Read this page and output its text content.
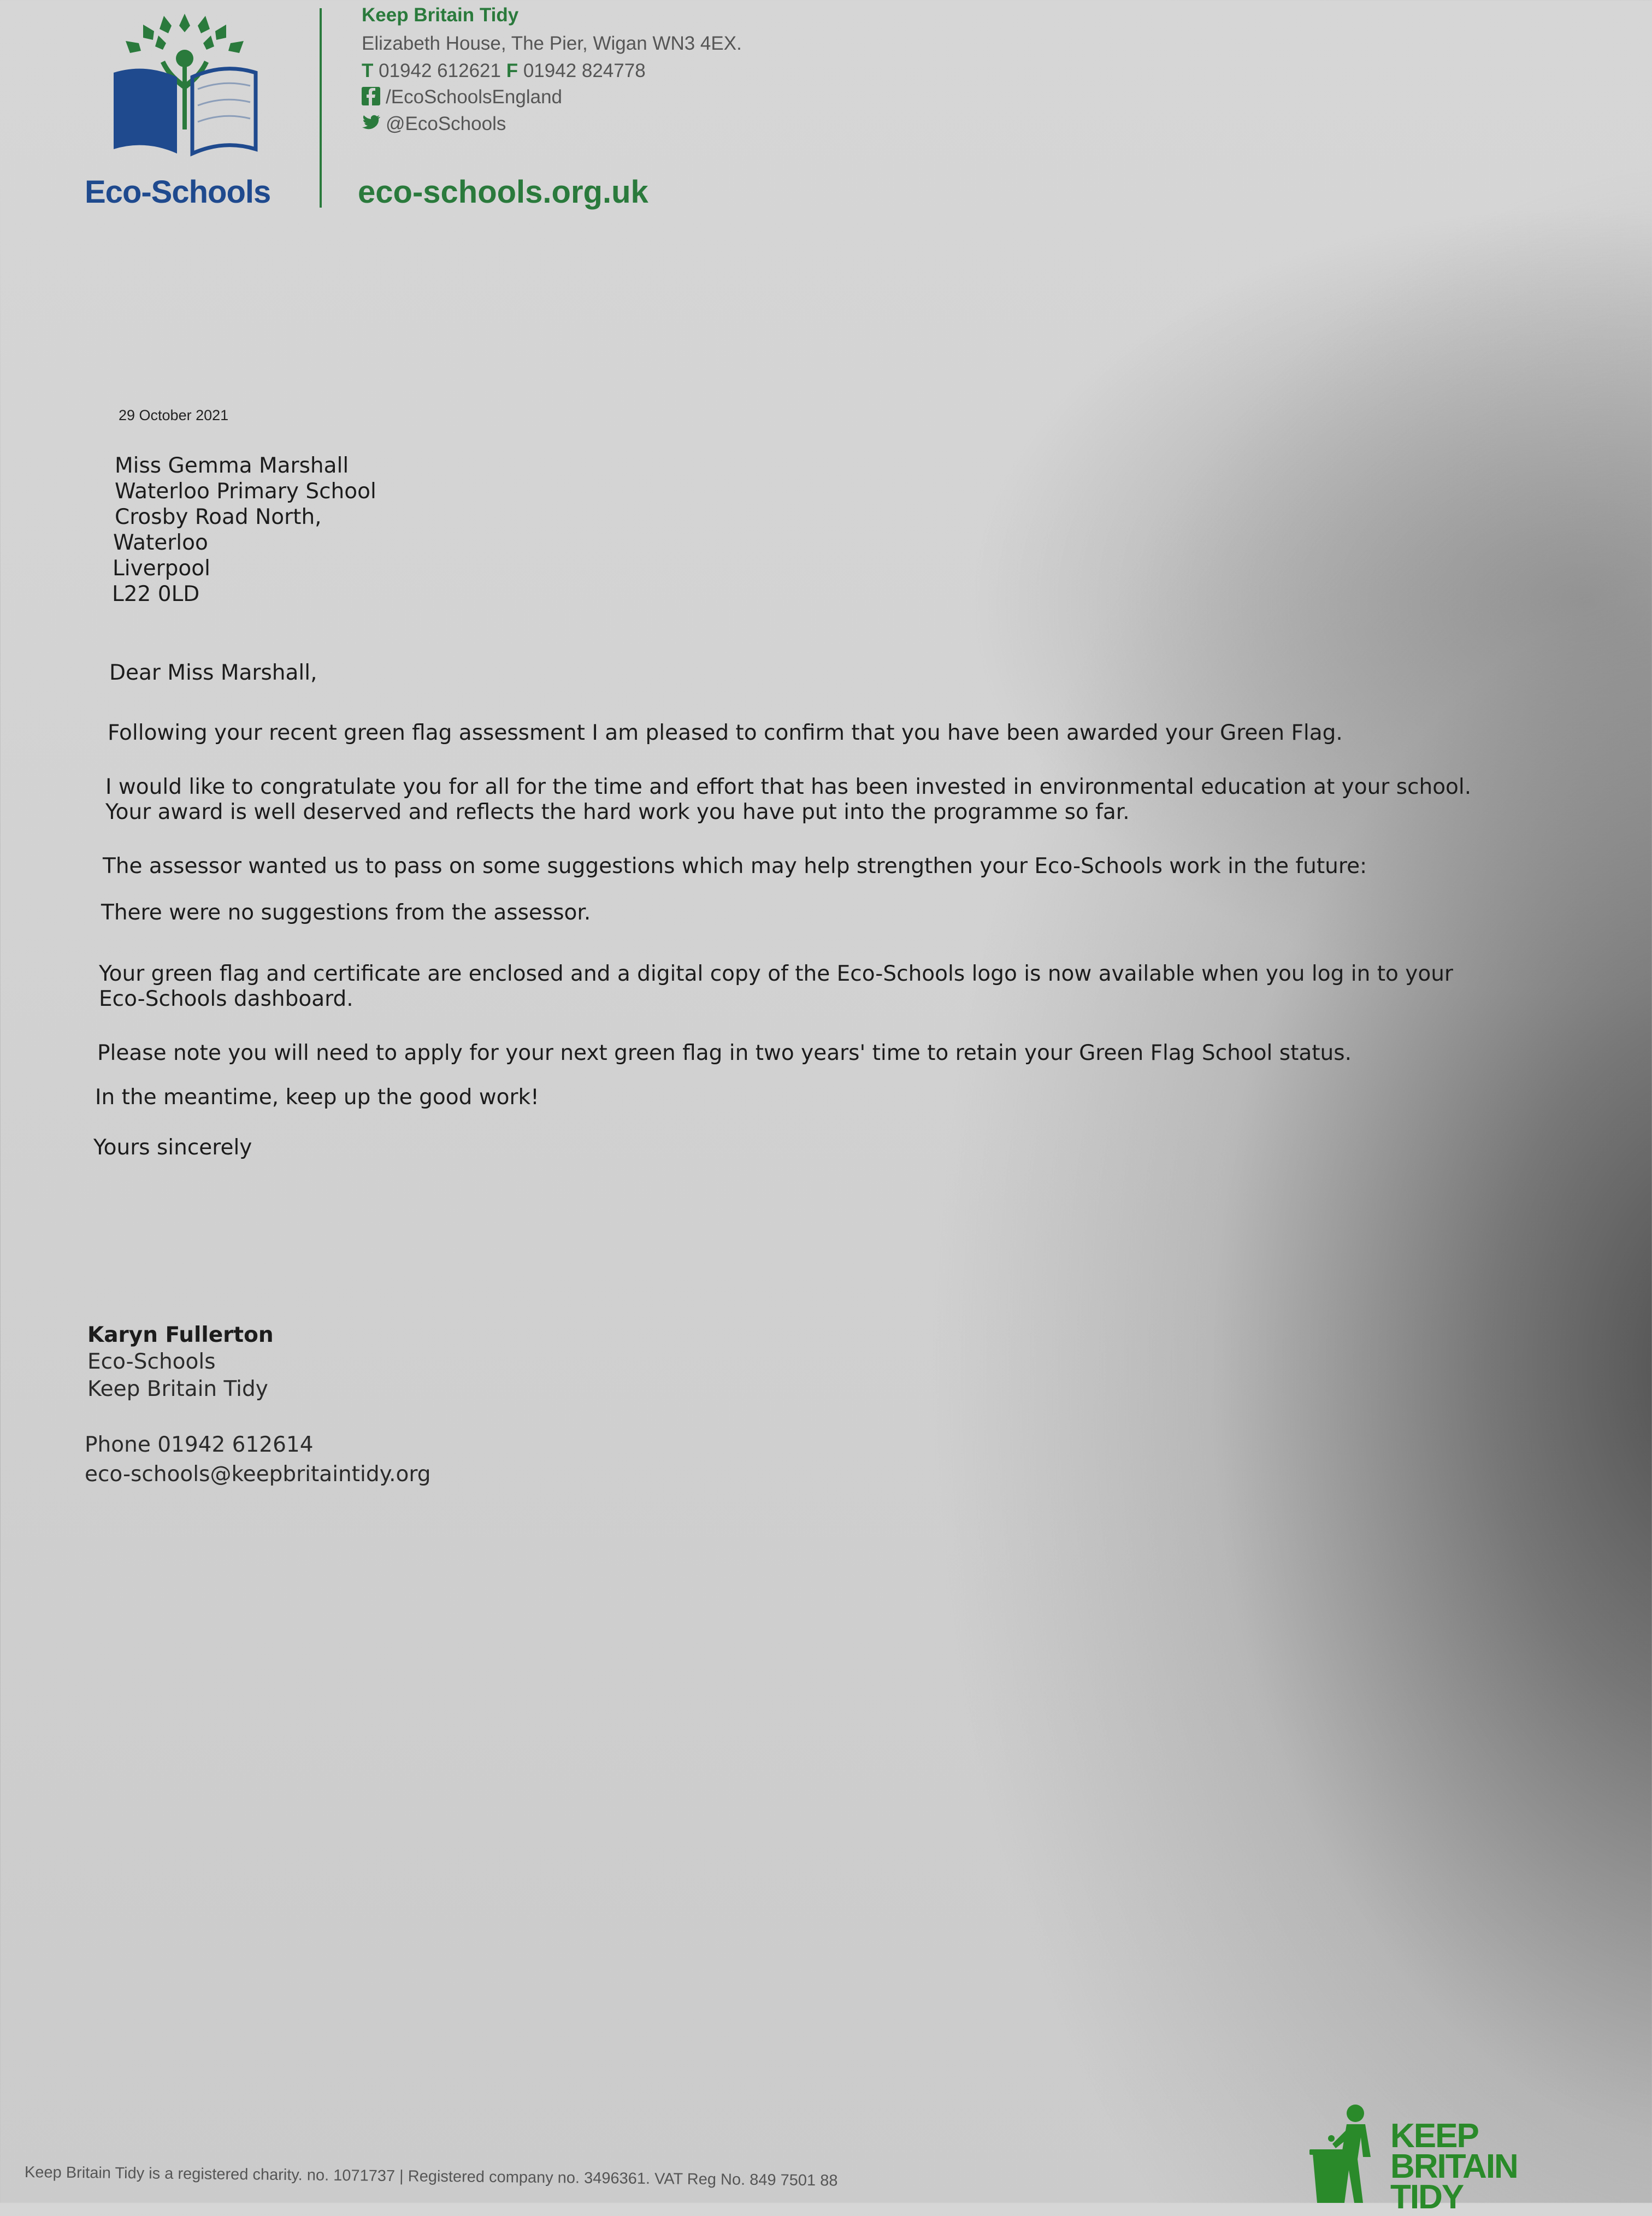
Eco-Schools
Keep Britain Tidy
Elizabeth House, The Pier, Wigan WN3 4EX.
T 01942 612621 F 01942 824778
/EcoSchoolsEngland
@EcoSchools
eco-schools.org.uk
29 October 2021
Miss Gemma Marshall
Waterloo Primary School
Crosby Road North,
Waterloo
Liverpool
L22 0LD
Dear Miss Marshall,
Following your recent green flag assessment I am pleased to confirm that you have been awarded your Green Flag.
I would like to congratulate you for all for the time and effort that has been invested in environmental education at your school.
Your award is well deserved and reflects the hard work you have put into the programme so far.
The assessor wanted us to pass on some suggestions which may help strengthen your Eco-Schools work in the future:
There were no suggestions from the assessor.
Your green flag and certificate are enclosed and a digital copy of the Eco-Schools logo is now available when you log in to your
Eco-Schools dashboard.
Please note you will need to apply for your next green flag in two years' time to retain your Green Flag School status.
In the meantime, keep up the good work!
Yours sincerely
Karyn Fullerton
Eco-Schools
Keep Britain Tidy
Phone 01942 612614
eco-schools@keepbritaintidy.org
Keep Britain Tidy is a registered charity. no. 1071737 | Registered company no. 3496361. VAT Reg No. 849 7501 88
KEEP
BRITAIN
TIDY
